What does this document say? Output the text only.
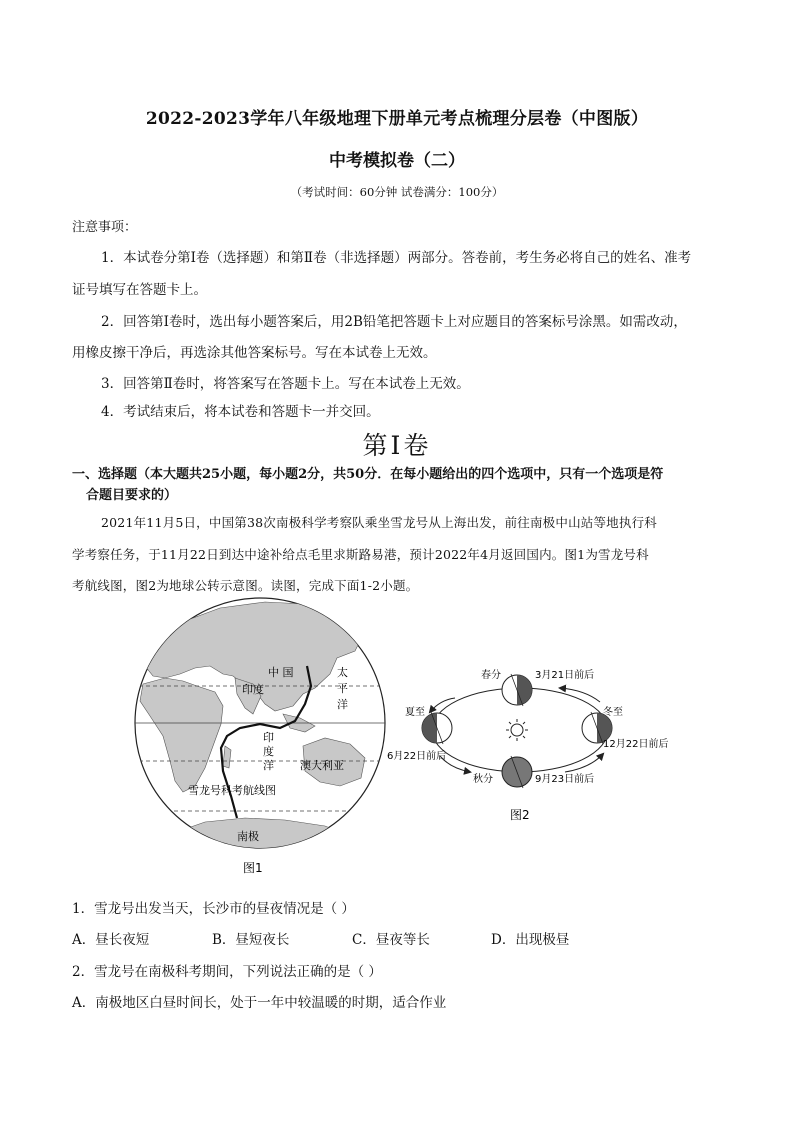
2022-2023学年八年级地理下册单元考点梳理分层卷（中图版）
中考模拟卷（二）
（考试时间：60分钟 试卷满分：100分）
注意事项：
1．本试卷分第Ⅰ卷（选择题）和第Ⅱ卷（非选择题）两部分。答卷前，考生务必将自己的姓名、准考
证号填写在答题卡上。
2．回答第Ⅰ卷时，选出每小题答案后，用2B铅笔把答题卡上对应题目的答案标号涂黑。如需改动，
用橡皮擦干净后，再选涂其他答案标号。写在本试卷上无效。
3．回答第Ⅱ卷时，将答案写在答题卡上。写在本试卷上无效。
4．考试结束后，将本试卷和答题卡一并交回。
第Ⅰ卷
一、选择题（本大题共25小题，每小题2分，共50分．在每小题给出的四个选项中，只有一个选项是符
合题目要求的）
2021年11月5日，中国第38次南极科学考察队乘坐雪龙号从上海出发，前往南极中山站等地执行科
学考察任务，于11月22日到达中途补给点毛里求斯路易港，预计2022年4月返回国内。图1为雪龙号科
考航线图，图2为地球公转示意图。读图，完成下面1-2小题。
中 国
印度
太
平
洋
印
度
洋 澳大利亚
雪龙号科考航线图
南极
图1
春分	3月21日前后
夏至
6月22日前后
秋分	9月23日前后
冬至
12月22日前后
图2
1．雪龙号出发当天，长沙市的昼夜情况是（ ）
A．昼长夜短	B．昼短夜长	C．昼夜等长	D．出现极昼
2．雪龙号在南极科考期间，下列说法正确的是（ ）
A．南极地区白昼时间长，处于一年中较温暖的时期，适合作业
